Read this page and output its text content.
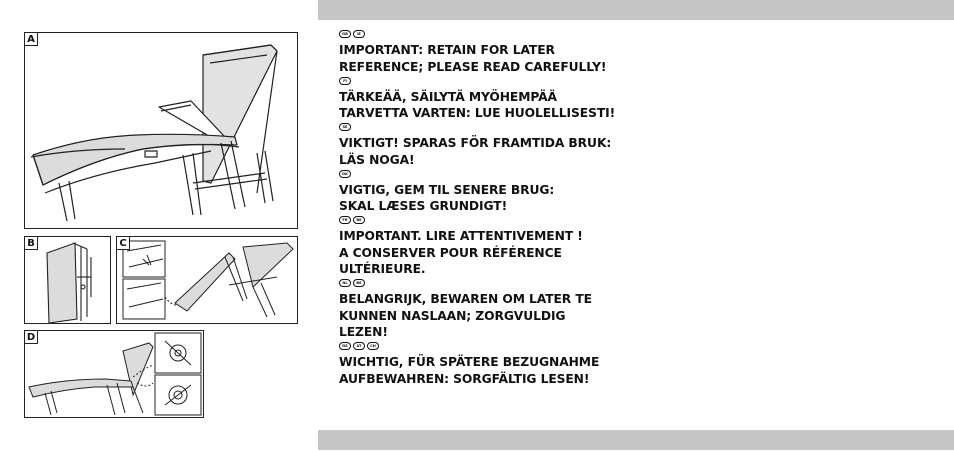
A
B	C
D
GB	IE
IMPORTANT: RETAIN FOR LATER
REFERENCE; PLEASE READ CAREFULLY!
FI
TÄRKEÄÄ, SÄILYTÄ MYÖHEMPÄÄ
TARVETTA VARTEN: LUE HUOLELLISESTI!
SE
VIKTIGT! SPARAS FÖR FRAMTIDA BRUK:
LÄS NOGA!
DK
VIGTIG, GEM TIL SENERE BRUG:
SKAL LÆSES GRUNDIGT!
FR	BE
IMPORTANT. LIRE ATTENTIVEMENT !
A CONSERVER POUR RÉFÉRENCE
ULTÉRIEURE.
NL	BE
BELANGRIJK, BEWAREN OM LATER TE
KUNNEN NASLAAN; ZORGVULDIG
LEZEN!
DE	AT	CH
WICHTIG, FÜR SPÄTERE BEZUGNAHME
AUFBEWAHREN: SORGFÄLTIG LESEN!
